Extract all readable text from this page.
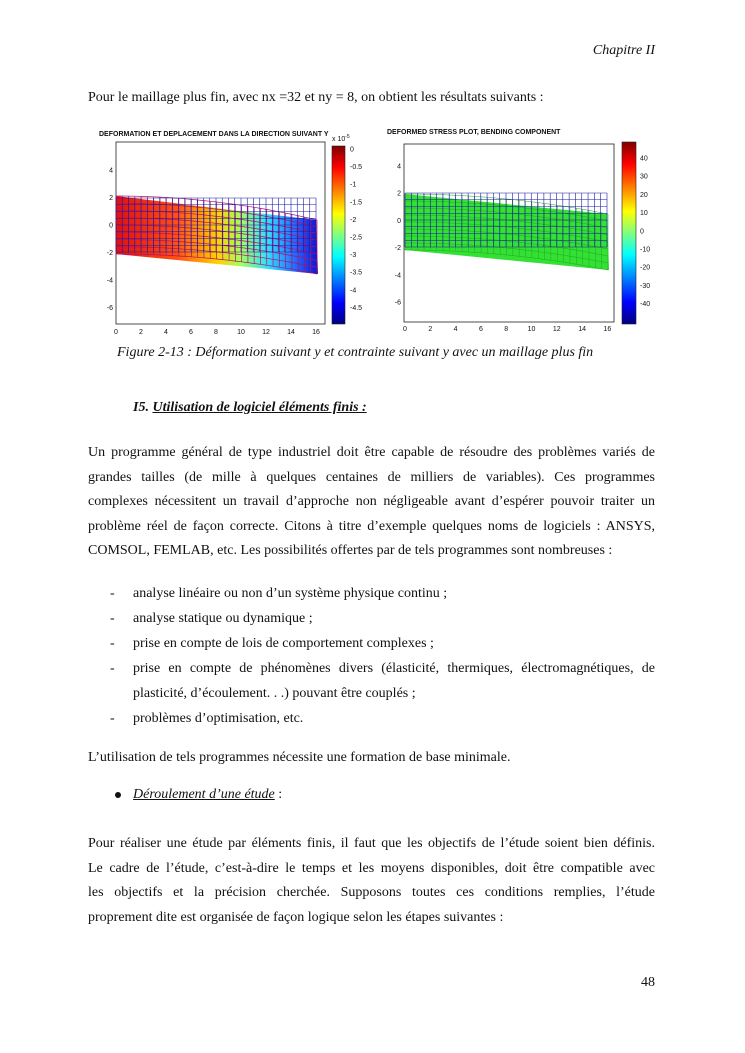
Chapitre II
Pour le maillage plus fin, avec nx =32 et ny = 8, on obtient les résultats suivants :
DEFORMATION ET DEPLACEMENT DANS LA DIRECTION SUIVANT Y
4
2
0
-2
-4
-6
0	2	4	6	8	10 12 14 16
x $10^{-5}$
0
-0.5
-1
-1.5
-2
-2.5
-3
-3.5
-4
-4.5
DEFORMED STRESS PLOT, BENDING COMPONENT
4
2
0
-2
-4
-6
0	2	4	6	8	10	12	14	16
40
30
20
10
0
-10
-20
-30
-40
Figure 2-13 : Déformation suivant y et contrainte suivant y avec un maillage plus fin
I5. Utilisation de logiciel éléments finis :
Un programme général de type industriel doit être capable de résoudre des problèmes variés de
grandes tailles (de mille à quelques centaines de milliers de variables). Ces programmes
complexes nécessitent un travail d’approche non négligeable avant d’espérer pouvoir traiter un
problème réel de façon correcte. Citons à titre d’exemple quelques noms de logiciels : ANSYS,
COMSOL, FEMLAB, etc. Les possibilités offertes par de tels programmes sont nombreuses :
- analyse linéaire ou non d’un système physique continu ;
- analyse statique ou dynamique ;
- prise en compte de lois de comportement complexes ;
- prise en compte de phénomènes divers (élasticité, thermiques, électromagnétiques, de
plasticité, d’écoulement. . .) pouvant être couplés ;
- problèmes d’optimisation, etc.
L’utilisation de tels programmes nécessite une formation de base minimale.
Déroulement d’une étude :
Pour réaliser une étude par éléments finis, il faut que les objectifs de l’étude soient bien définis.
Le cadre de l’étude, c’est-à-dire le temps et les moyens disponibles, doit être compatible avec
les objectifs et la précision cherchée. Supposons toutes ces conditions remplies, l’étude
proprement dite est organisée de façon logique selon les étapes suivantes :
48
